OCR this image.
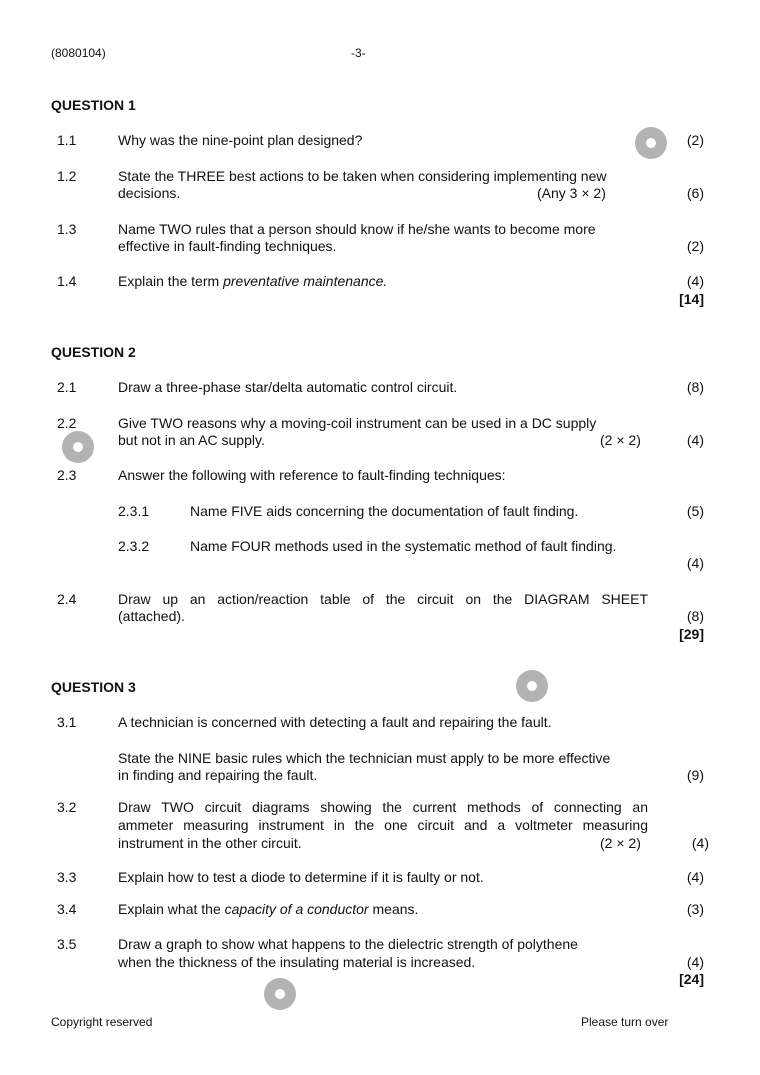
(8080104)	-3-
QUESTION 1
1.1	Why was the nine-point plan designed?	(2)
1.2	State the THREE best actions to be taken when considering implementing new
decisions.	(Any 3 × 2)	(6)
1.3	Name TWO rules that a person should know if he/she wants to become more
effective in fault-finding techniques.	(2)
1.4	Explain the term preventative maintenance.	(4)
[14]
QUESTION 2
2.1	Draw a three-phase star/delta automatic control circuit.	(8)
2.2	Give TWO reasons why a moving-coil instrument can be used in a DC supply
but not in an AC supply.	(2 × 2)	(4)
2.3	Answer the following with reference to fault-finding techniques:
2.3.1	Name FIVE aids concerning the documentation of fault finding.	(5)
2.3.2	Name FOUR methods used in the systematic method of fault finding.
(4)
2.4	Draw up an action/reaction table of the circuit on the DIAGRAM SHEET
(attached).	(8)
[29]
QUESTION 3
3.1	A technician is concerned with detecting a fault and repairing the fault.
State the NINE basic rules which the technician must apply to be more effective
in finding and repairing the fault.	(9)
3.2	Draw TWO circuit diagrams showing the current methods of connecting an
ammeter measuring instrument in the one circuit and a voltmeter measuring
instrument in the other circuit.	(2 × 2)	(4)
3.3	Explain how to test a diode to determine if it is faulty or not.	(4)
3.4	Explain what the capacity of a conductor means.	(3)
3.5	Draw a graph to show what happens to the dielectric strength of polythene
when the thickness of the insulating material is increased.	(4)
[24]
Copyright reserved	Please turn over
